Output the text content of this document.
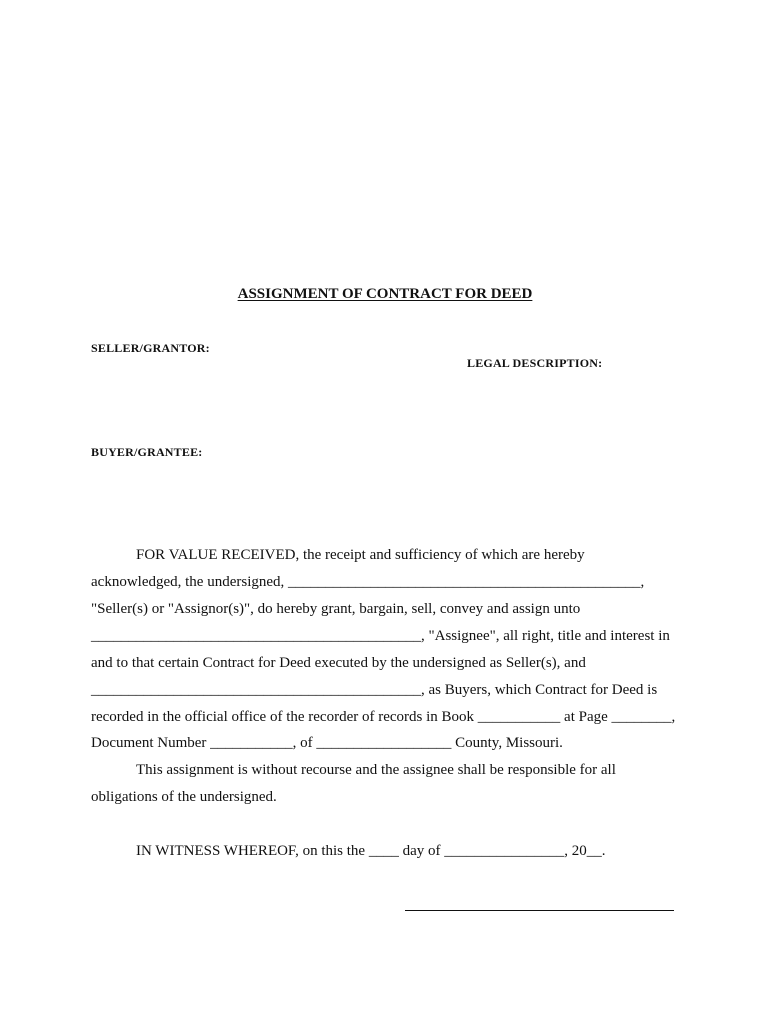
ASSIGNMENT OF CONTRACT FOR DEED
SELLER/GRANTOR:
LEGAL DESCRIPTION:
BUYER/GRANTEE:
FOR VALUE RECEIVED, the receipt and sufficiency of which are hereby
acknowledged, the undersigned, _______________________________________________,
"Seller(s) or "Assignor(s)", do hereby grant, bargain, sell, convey and assign unto
____________________________________________, "Assignee", all right, title and interest in
and to that certain Contract for Deed executed by the undersigned as Seller(s), and
____________________________________________, as Buyers, which Contract for Deed is
recorded in the official office of the recorder of records in Book ___________ at Page ________,
Document Number ___________, of __________________ County, Missouri.
This assignment is without recourse and the assignee shall be responsible for all
obligations of the undersigned.
IN WITNESS WHEREOF, on this the ____ day of ________________, 20__.
